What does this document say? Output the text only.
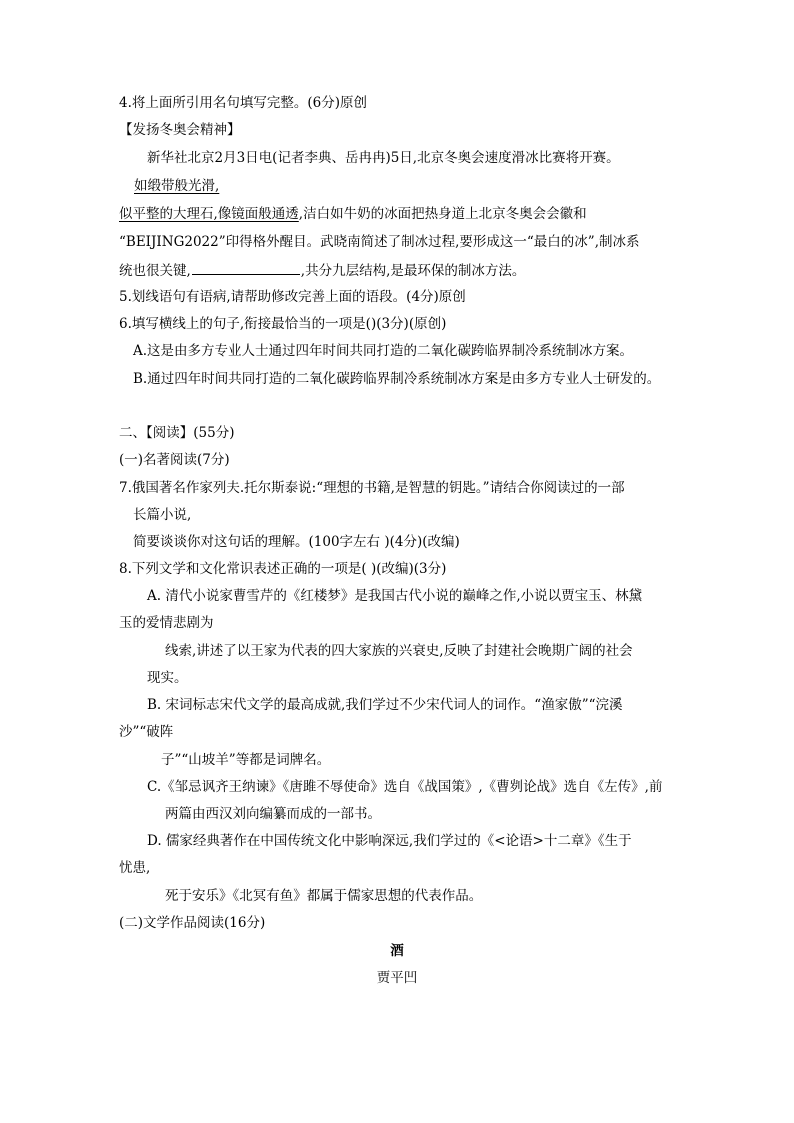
4.将上面所引用名句填写完整。(6分)原创
【发扬冬奥会精神】
新华社北京2月3日电(记者李典、岳冉冉)5日,北京冬奥会速度滑冰比赛将开赛。
如缎带般光滑,
似平整的大理石,像镜面般通透,洁白如牛奶的冰面把热身道上北京冬奥会会徽和
“BEIJING2022”印得格外醒目。武晓南简述了制冰过程,要形成这一“最白的冰”,制冰系
统也很关键,	,共分九层结构,是最环保的制冰方法。
5.划线语句有语病,请帮助修改完善上面的语段。(4分)原创
6.填写横线上的句子,衔接最恰当的一项是()(3分)(原创)
A.这是由多方专业人士通过四年时间共同打造的二氧化碳跨临界制冷系统制冰方案。
B.通过四年时间共同打造的二氧化碳跨临界制冷系统制冰方案是由多方专业人士研发的。
二、【阅读】(55分)
(一)名著阅读(7分)
7.俄国著名作家列夫.托尔斯泰说:“理想的书籍,是智慧的钥匙。”请结合你阅读过的一部
长篇小说,
简要谈谈你对这句话的理解。(100字左右 )(4分)(改编)
8.下列文学和文化常识表述正确的一项是( )(改编)(3分)
A. 清代小说家曹雪芹的《红楼梦》是我国古代小说的巅峰之作,小说以贾宝玉、林黛
玉的爱情悲剧为
线索,讲述了以王家为代表的四大家族的兴衰史,反映了封建社会晚期广阔的社会
现实。
B. 宋词标志宋代文学的最高成就,我们学过不少宋代词人的词作。“渔家傲”“浣溪
沙”“破阵
子”“山坡羊”等都是词牌名。
C.《邹忌讽齐王纳谏》《唐雎不辱使命》选自《战国策》,《曹刿论战》选自《左传》,前
两篇由西汉刘向编纂而成的一部书。
D. 儒家经典著作在中国传统文化中影响深远,我们学过的《<论语>十二章》《生于
忧患,
死于安乐》《北冥有鱼》都属于儒家思想的代表作品。
(二)文学作品阅读(16分)
酒
贾平凹
